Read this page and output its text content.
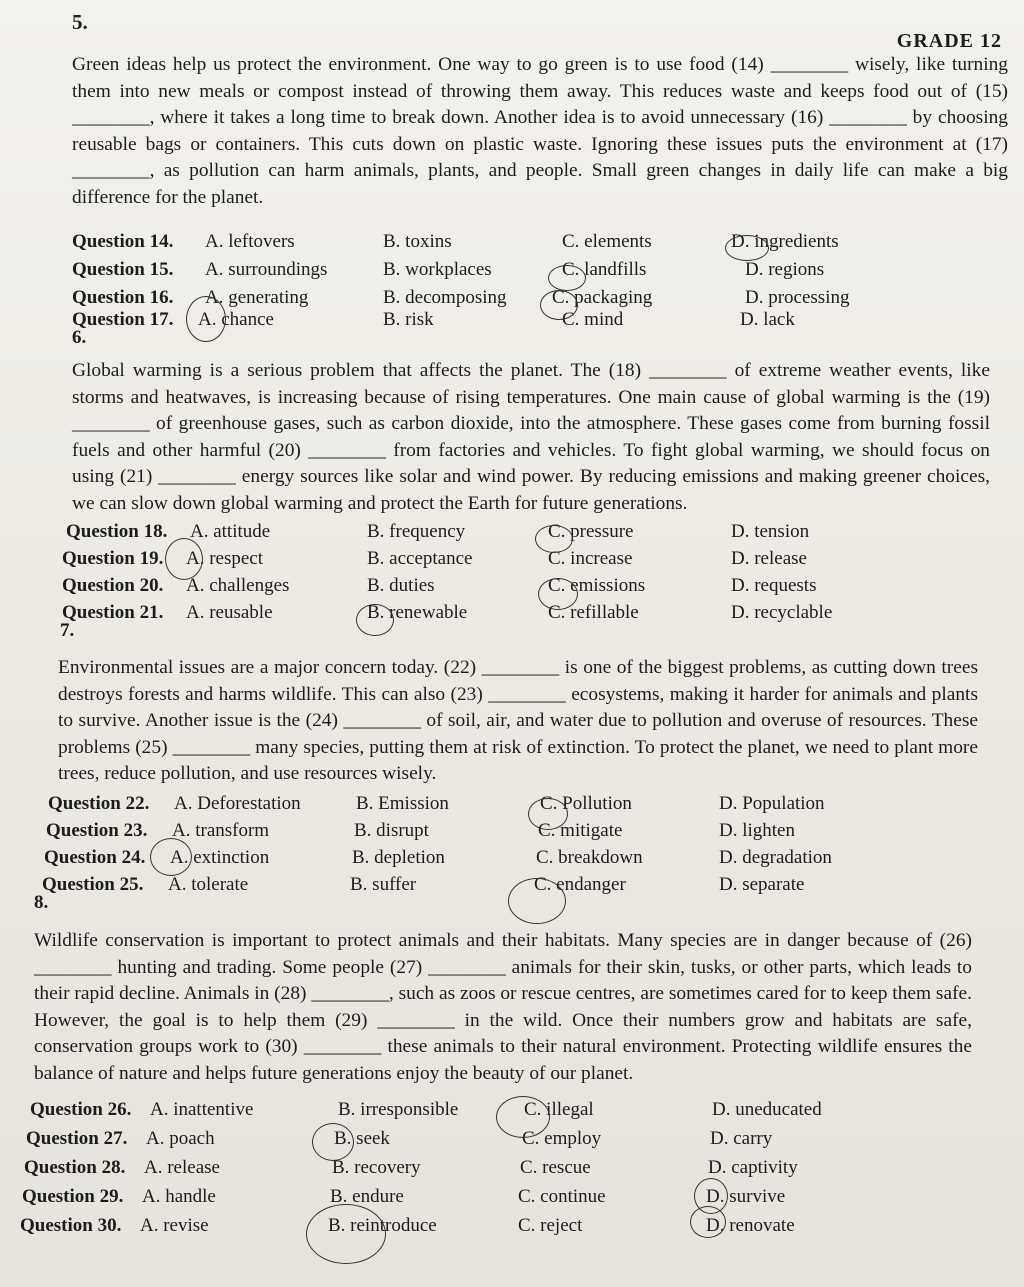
5.
GRADE 12
Green ideas help us protect the environment. One way to go green is to use food (14) ________ wisely, like turning them into new meals or compost instead of throwing them away. This reduces waste and keeps food out of (15) ________, where it takes a long time to break down. Another idea is to avoid unnecessary (16) ________ by choosing reusable bags or containers. This cuts down on plastic waste. Ignoring these issues puts the environment at (17) ________, as pollution can harm animals, plants, and people. Small green changes in daily life can make a big difference for the planet.
Question 14. A. leftovers	B. toxins	C. elements	D. ingredients
Question 15. A. surroundings	B. workplaces	C. landfills	D. regions
Question 16. A. generating	B. decomposing C. packaging	D. processing
Question 17. A. chance	B. risk	C. mind	D. lack
6.
Global warming is a serious problem that affects the planet. The (18) ________ of extreme weather events, like storms and heatwaves, is increasing because of rising temperatures. One main cause of global warming is the (19) ________ of greenhouse gases, such as carbon dioxide, into the atmosphere. These gases come from burning fossil fuels and other harmful (20) ________ from factories and vehicles. To fight global warming, we should focus on using (21) ________ energy sources like solar and wind power. By reducing emissions and making greener choices, we can slow down global warming and protect the Earth for future generations.
Question 18. A. attitude	B. frequency	C. pressure	D. tension
Question 19. A. respect	B. acceptance	C. increase	D. release
Question 20. A. challenges	B. duties	C. emissions	D. requests
Question 21. A. reusable	B. renewable	C. refillable	D. recyclable
7.
Environmental issues are a major concern today. (22) ________ is one of the biggest problems, as cutting down trees destroys forests and harms wildlife. This can also (23) ________ ecosystems, making it harder for animals and plants to survive. Another issue is the (24) ________ of soil, air, and water due to pollution and overuse of resources. These problems (25) ________ many species, putting them at risk of extinction. To protect the planet, we need to plant more trees, reduce pollution, and use resources wisely.
Question 22. A. Deforestation	B. Emission	C. Pollution	D. Population
Question 23. A. transform	B. disrupt	C. mitigate	D. lighten
Question 24. A. extinction	B. depletion	C. breakdown	D. degradation
Question 25. A. tolerate	B. suffer	C. endanger	D. separate
8.
Wildlife conservation is important to protect animals and their habitats. Many species are in danger because of (26) ________ hunting and trading. Some people (27) ________ animals for their skin, tusks, or other parts, which leads to their rapid decline. Animals in (28) ________, such as zoos or rescue centres, are sometimes cared for to keep them safe. However, the goal is to help them (29) ________ in the wild. Once their numbers grow and habitats are safe, conservation groups work to (30) ________ these animals to their natural environment. Protecting wildlife ensures the balance of nature and helps future generations enjoy the beauty of our planet.
Question 26. A. inattentive	B. irresponsible	C. illegal	D. uneducated
Question 27. A. poach	B. seek	C. employ	D. carry
Question 28. A. release	B. recovery	C. rescue	D. captivity
Question 29. A. handle	B. endure	C. continue	D. survive
Question 30. A. revise	B. reintroduce	C. reject	D. renovate
